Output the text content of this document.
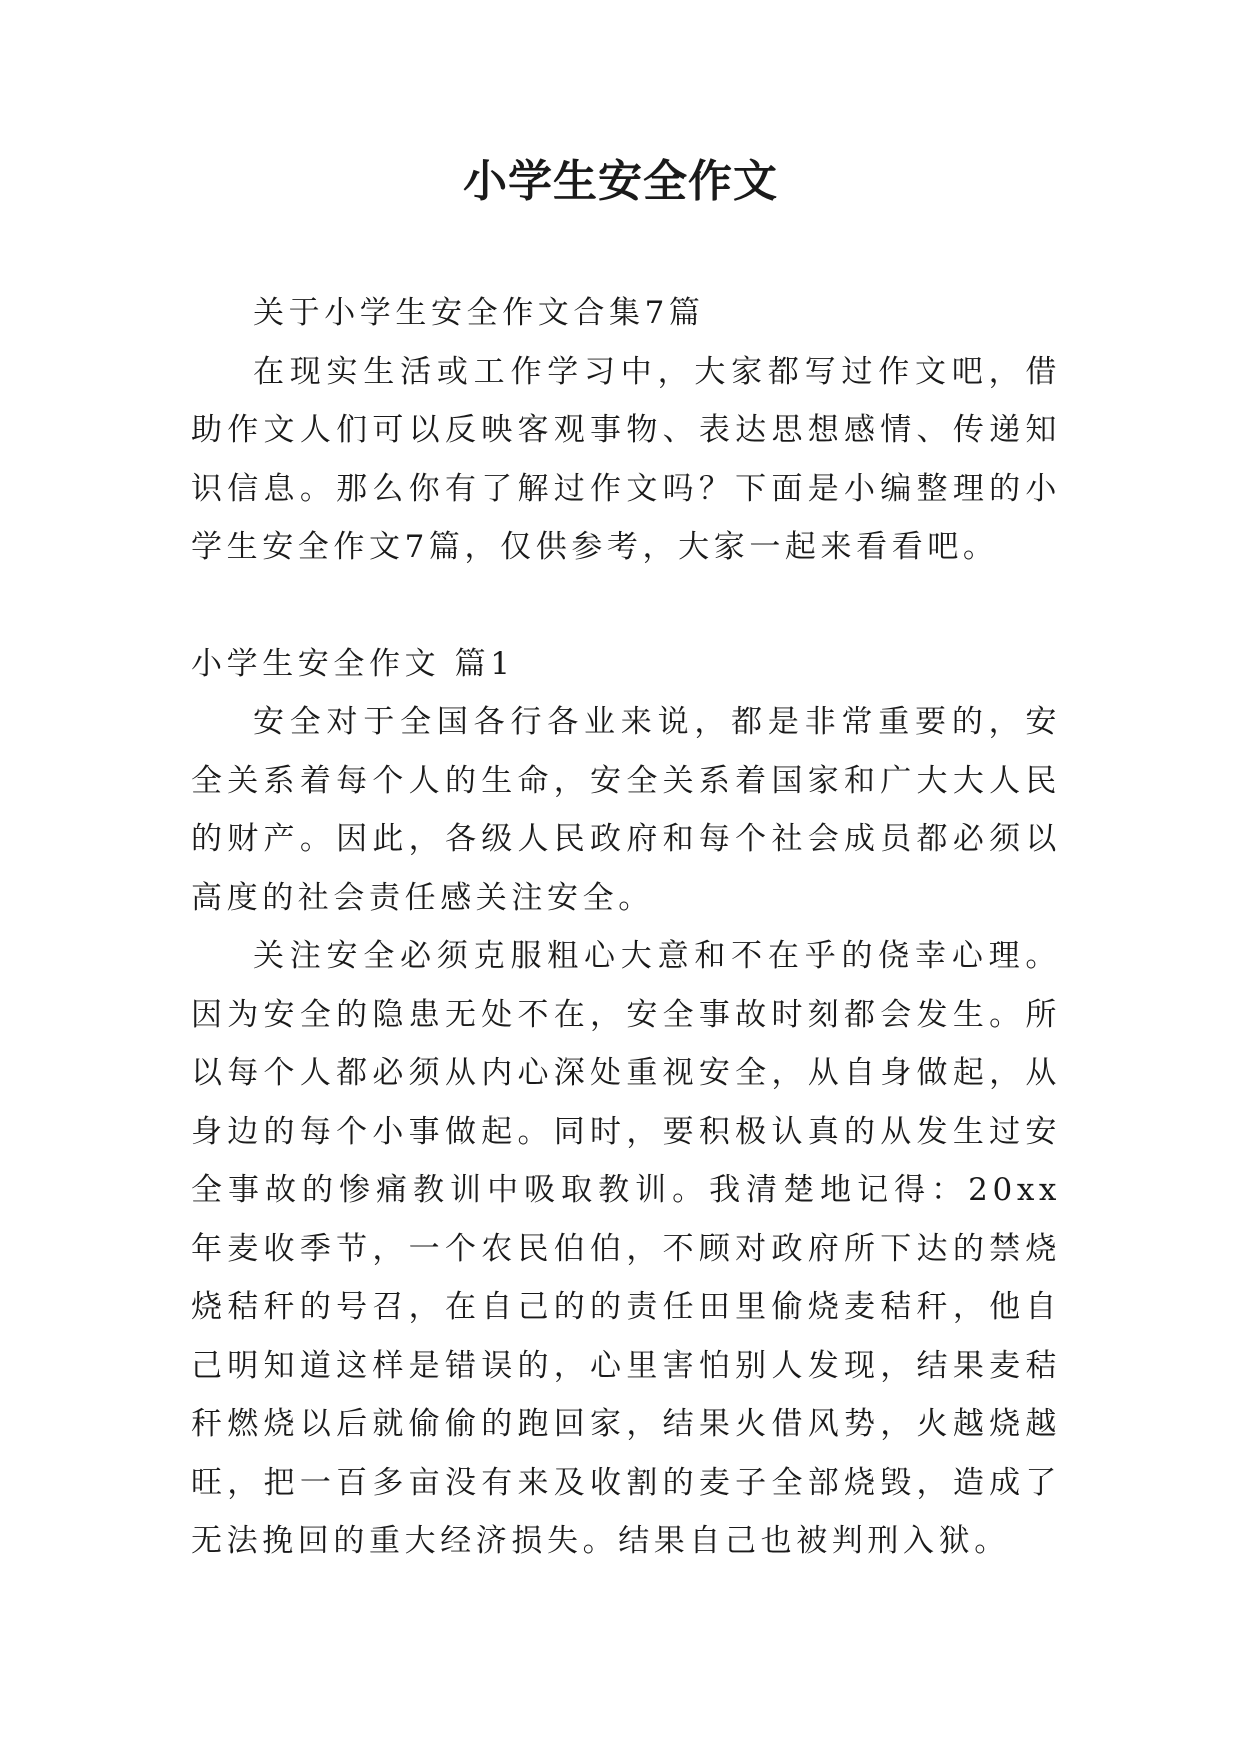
小学生安全作文

关于小学生安全作文合集7篇

在现实生活或工作学习中，大家都写过作文吧，借助作文人们可以反映客观事物、表达思想感情、传递知识信息。那么你有了解过作文吗？下面是小编整理的小学生安全作文7篇，仅供参考，大家一起来看看吧。

小学生安全作文 篇1

安全对于全国各行各业来说，都是非常重要的，安全关系着每个人的生命，安全关系着国家和广大大人民的财产。因此，各级人民政府和每个社会成员都必须以高度的社会责任感关注安全。

关注安全必须克服粗心大意和不在乎的侥幸心理。因为安全的隐患无处不在，安全事故时刻都会发生。所以每个人都必须从内心深处重视安全，从自身做起，从身边的每个小事做起。同时，要积极认真的从发生过安全事故的惨痛教训中吸取教训。我清楚地记得：20xx年麦收季节，一个农民伯伯，不顾对政府所下达的禁烧烧秸秆的号召，在自己的的责任田里偷烧麦秸秆，他自己明知道这样是错误的，心里害怕别人发现，结果麦秸秆燃烧以后就偷偷的跑回家，结果火借风势，火越烧越旺，把一百多亩没有来及收割的麦子全部烧毁，造成了无法挽回的重大经济损失。结果自己也被判刑入狱。
